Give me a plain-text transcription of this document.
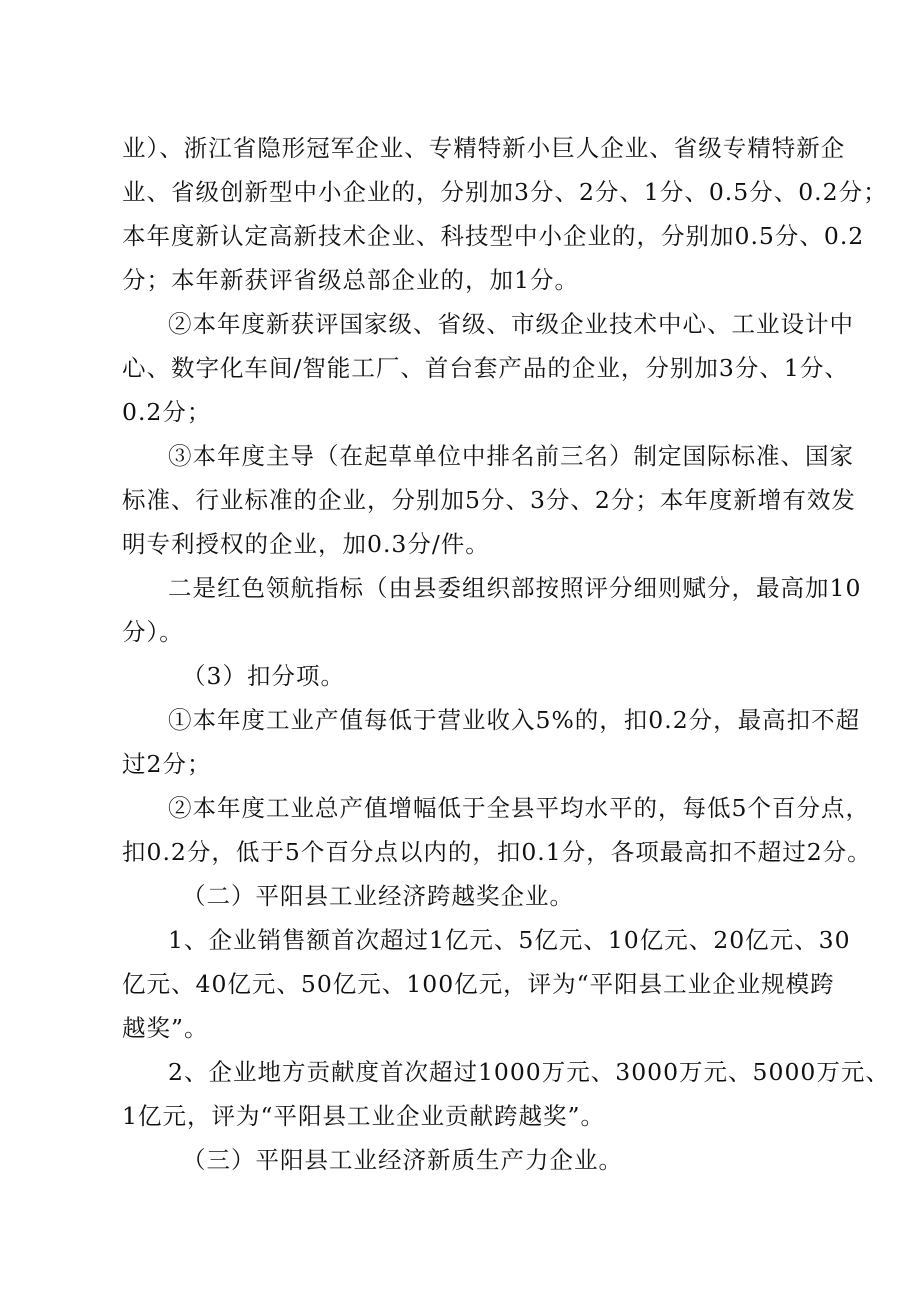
业）、浙江省隐形冠军企业、专精特新小巨人企业、省级专精特新企
业、省级创新型中小企业的，分别加3分、2分、1分、0.5分、0.2分；
本年度新认定高新技术企业、科技型中小企业的，分别加0.5分、0.2
分；本年新获评省级总部企业的，加1分。
②本年度新获评国家级、省级、市级企业技术中心、工业设计中
心、数字化车间/智能工厂、首台套产品的企业，分别加3分、1分、
0.2分；
③本年度主导（在起草单位中排名前三名）制定国际标准、国家
标准、行业标准的企业，分别加5分、3分、2分；本年度新增有效发
明专利授权的企业，加0.3分/件。
二是红色领航指标（由县委组织部按照评分细则赋分，最高加10
分）。
（3）扣分项。
①本年度工业产值每低于营业收入5%的，扣0.2分，最高扣不超
过2分；
②本年度工业总产值增幅低于全县平均水平的，每低5个百分点，
扣0.2分，低于5个百分点以内的，扣0.1分，各项最高扣不超过2分。
（二）平阳县工业经济跨越奖企业。
1、企业销售额首次超过1亿元、5亿元、10亿元、20亿元、30
亿元、40亿元、50亿元、100亿元，评为“平阳县工业企业规模跨
越奖”。
2、企业地方贡献度首次超过1000万元、3000万元、5000万元、
1亿元，评为“平阳县工业企业贡献跨越奖”。
（三）平阳县工业经济新质生产力企业。
